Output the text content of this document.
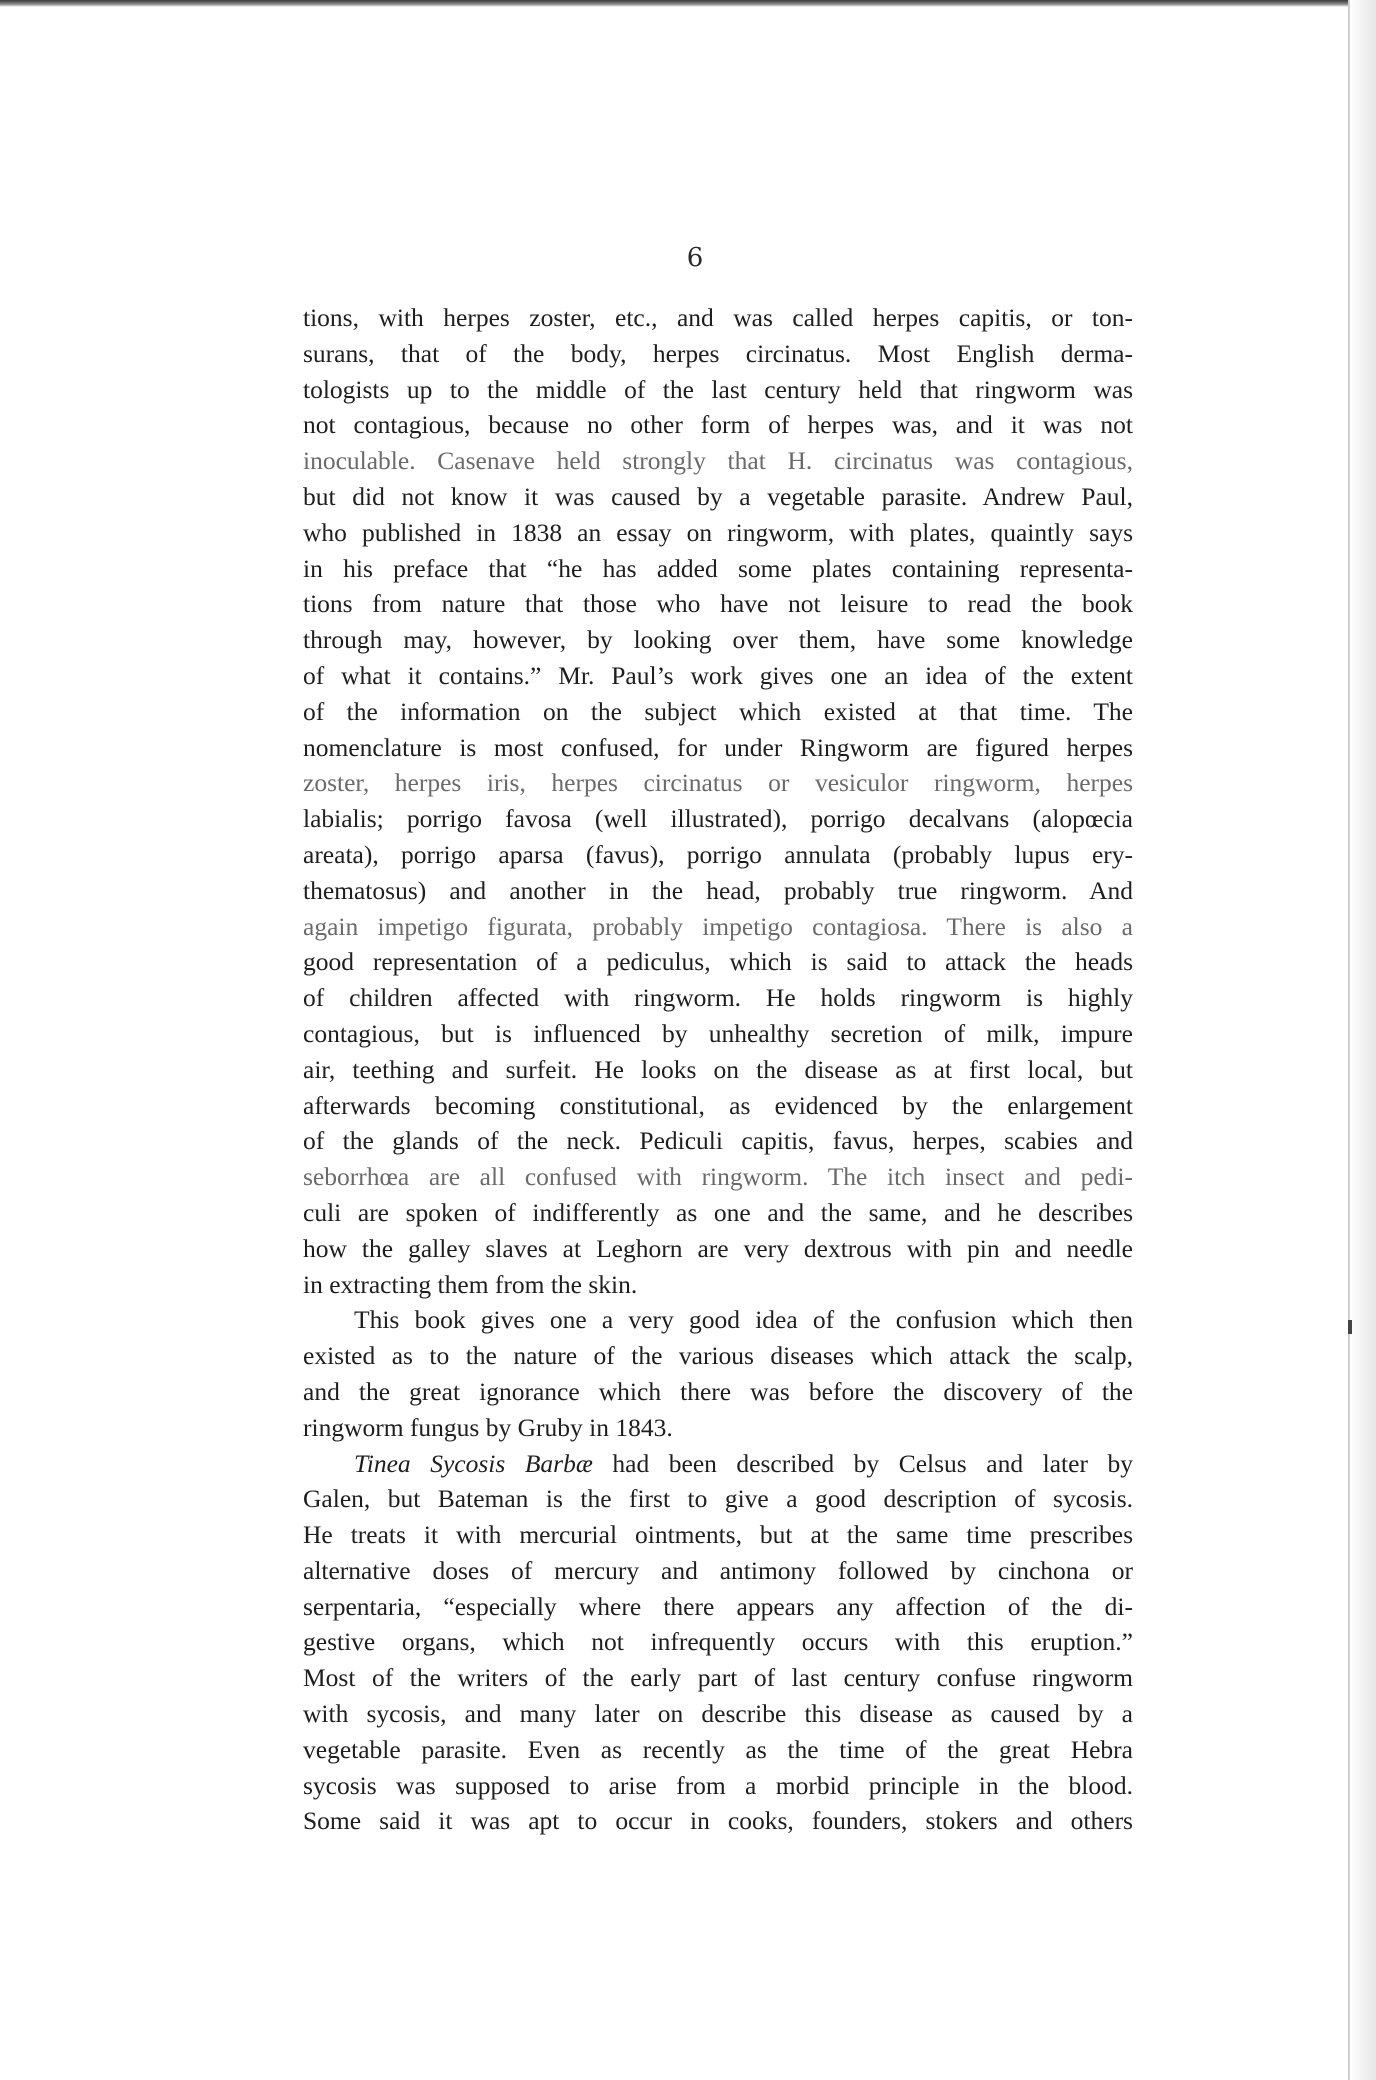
6
tions, with herpes zoster, etc., and was called herpes capitis, or ton-
surans, that of the body, herpes circinatus. Most English derma-
tologists up to the middle of the last century held that ringworm was
not contagious, because no other form of herpes was, and it was not
inoculable. Casenave held strongly that H. circinatus was contagious,
but did not know it was caused by a vegetable parasite. Andrew Paul,
who published in 1838 an essay on ringworm, with plates, quaintly says
in his preface that “he has added some plates containing representa-
tions from nature that those who have not leisure to read the book
through may, however, by looking over them, have some knowledge
of what it contains.” Mr. Paul’s work gives one an idea of the extent
of the information on the subject which existed at that time. The
nomenclature is most confused, for under Ringworm are figured herpes
zoster, herpes iris, herpes circinatus or vesiculor ringworm, herpes
labialis; porrigo favosa (well illustrated), porrigo decalvans (alopœcia
areata), porrigo aparsa (favus), porrigo annulata (probably lupus ery-
thematosus) and another in the head, probably true ringworm. And
again impetigo figurata, probably impetigo contagiosa. There is also a
good representation of a pediculus, which is said to attack the heads
of children affected with ringworm. He holds ringworm is highly
contagious, but is influenced by unhealthy secretion of milk, impure
air, teething and surfeit. He looks on the disease as at first local, but
afterwards becoming constitutional, as evidenced by the enlargement
of the glands of the neck. Pediculi capitis, favus, herpes, scabies and
seborrhœa are all confused with ringworm. The itch insect and pedi-
culi are spoken of indifferently as one and the same, and he describes
how the galley slaves at Leghorn are very dextrous with pin and needle
in extracting them from the skin.
This book gives one a very good idea of the confusion which then
existed as to the nature of the various diseases which attack the scalp,
and the great ignorance which there was before the discovery of the
ringworm fungus by Gruby in 1843.
Tinea Sycosis Barbæ had been described by Celsus and later by
Galen, but Bateman is the first to give a good description of sycosis.
He treats it with mercurial ointments, but at the same time prescribes
alternative doses of mercury and antimony followed by cinchona or
serpentaria, “especially where there appears any affection of the di-
gestive organs, which not infrequently occurs with this eruption.”
Most of the writers of the early part of last century confuse ringworm
with sycosis, and many later on describe this disease as caused by a
vegetable parasite. Even as recently as the time of the great Hebra
sycosis was supposed to arise from a morbid principle in the blood.
Some said it was apt to occur in cooks, founders, stokers and others
